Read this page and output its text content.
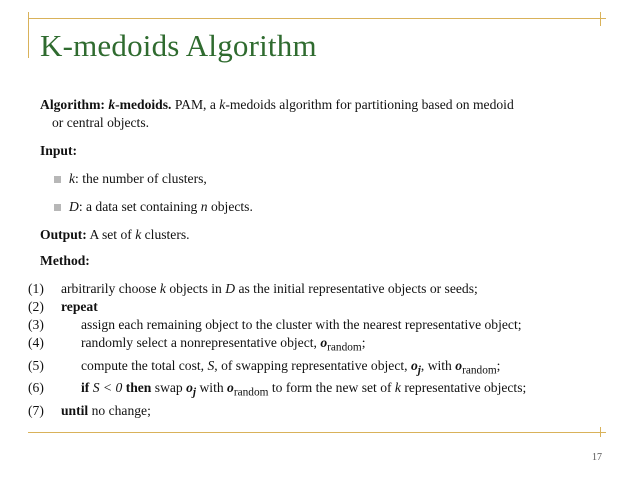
K-medoids Algorithm

Algorithm: k-medoids. PAM, a k-medoids algorithm for partitioning based on medoid

or central objects.

Input:

k: the number of clusters,
D: a data set containing n objects.

Output: A set of k clusters.

Method:

(1)	arbitrarily choose k objects in D as the initial representative objects or seeds;
(2)	repeat
(3)	assign each remaining object to the cluster with the nearest representative object;
(4)	randomly select a nonrepresentative object, $o_{random}$;
(5)	compute the total cost, S, of swapping representative object, $o_j$, with $o_{random}$;
(6)	if S < 0 then swap $o_j$ with $o_{random}$ to form the new set of k representative objects;
(7)	until no change;
17
